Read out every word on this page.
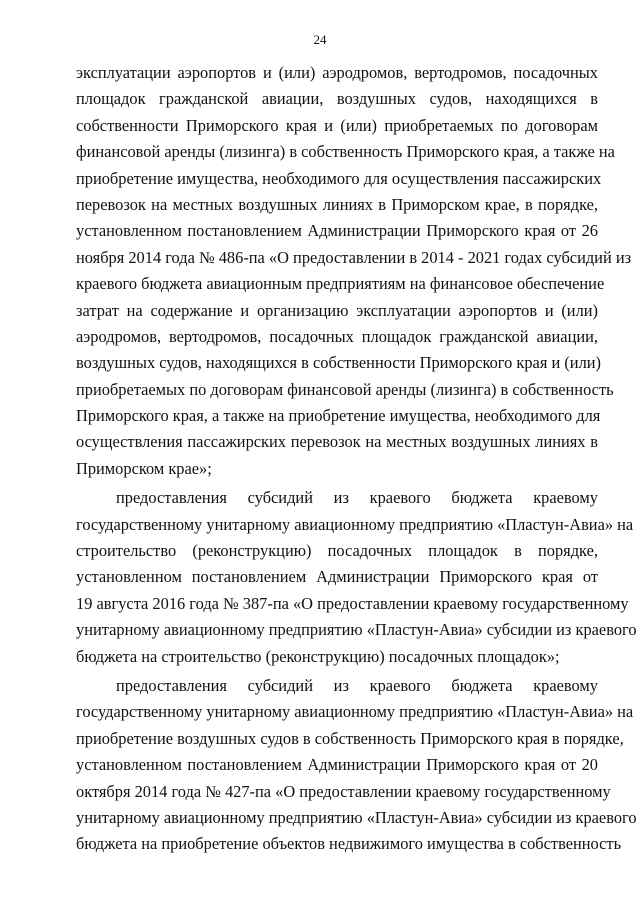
24
эксплуатации аэропортов и (или) аэродромов, вертодромов, посадочных
площадок гражданской авиации, воздушных судов, находящихся в
собственности Приморского края и (или) приобретаемых по договорам
финансовой аренды (лизинга) в собственность Приморского края, а также на
приобретение имущества, необходимого для осуществления пассажирских
перевозок на местных воздушных линиях в Приморском крае, в порядке,
установленном постановлением Администрации Приморского края от 26
ноября 2014 года № 486-па «О предоставлении в 2014 - 2021 годах субсидий из
краевого бюджета авиационным предприятиям на финансовое обеспечение
затрат на содержание и организацию эксплуатации аэропортов и (или)
аэродромов, вертодромов, посадочных площадок гражданской авиации,
воздушных судов, находящихся в собственности Приморского края и (или)
приобретаемых по договорам финансовой аренды (лизинга) в собственность
Приморского края, а также на приобретение имущества, необходимого для
осуществления пассажирских перевозок на местных воздушных линиях в
Приморском крае»;
предоставления субсидий из краевого бюджета краевому
государственному унитарному авиационному предприятию «Пластун-Авиа» на
строительство (реконструкцию) посадочных площадок в порядке,
установленном постановлением Администрации Приморского края от
19 августа 2016 года № 387-па «О предоставлении краевому государственному
унитарному авиационному предприятию «Пластун-Авиа» субсидии из краевого
бюджета на строительство (реконструкцию) посадочных площадок»;
предоставления субсидий из краевого бюджета краевому
государственному унитарному авиационному предприятию «Пластун-Авиа» на
приобретение воздушных судов в собственность Приморского края в порядке,
установленном постановлением Администрации Приморского края от 20
октября 2014 года № 427-па «О предоставлении краевому государственному
унитарному авиационному предприятию «Пластун-Авиа» субсидии из краевого
бюджета на приобретение объектов недвижимого имущества в собственность
